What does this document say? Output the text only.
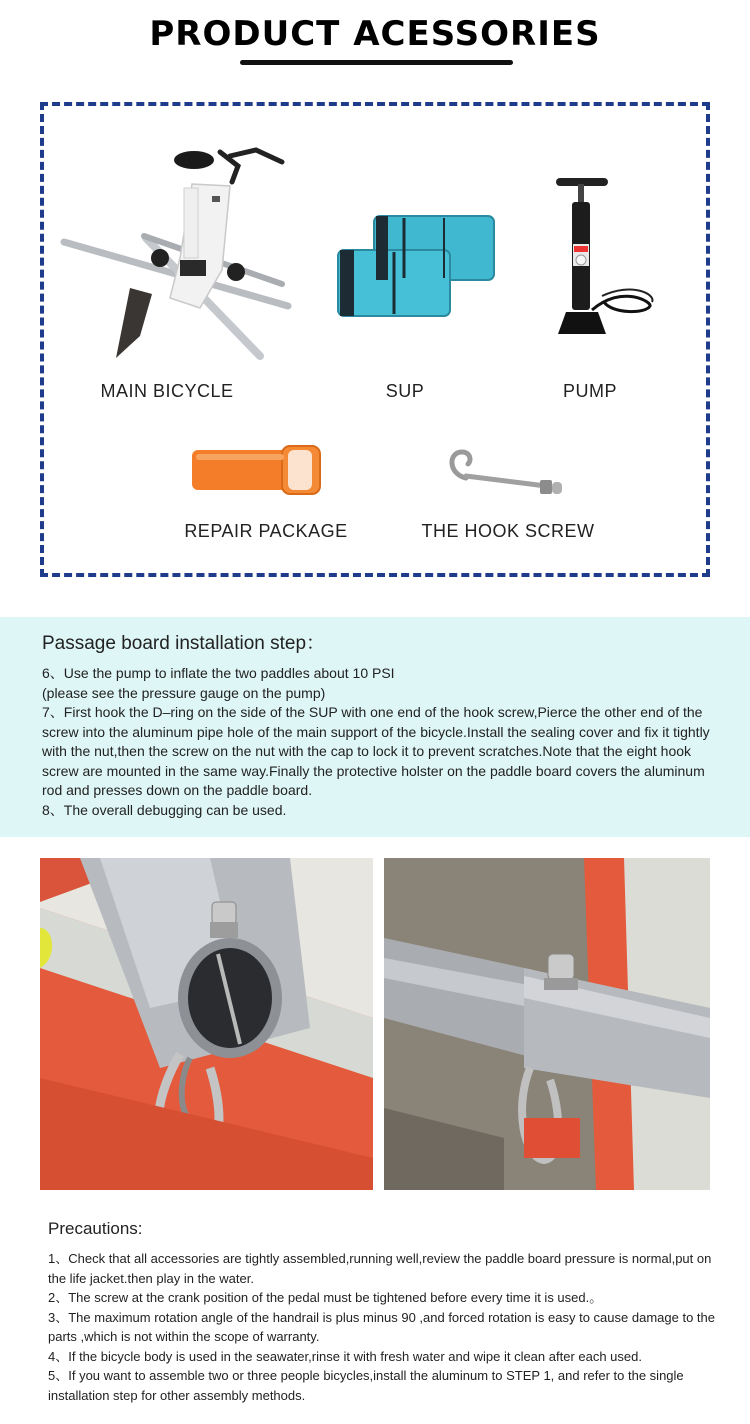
PRODUCT ACESSORIES
MAIN BICYCLE	SUP	PUMP
REPAIR PACKAGE	THE HOOK SCREW
Passage board installation step：

6、Use the pump to inflate the two paddles about 10 PSI

(please see the pressure gauge on the pump)

7、First hook the D–ring on the side of the SUP with one end of the hook screw,Pierce the other end of the screw into the aluminum pipe hole of the main support of the bicycle.Install the sealing cover and fix it tightly with the nut,then the screw on the nut with the cap to lock it to prevent scratches.Note that the eight hook screw are mounted in the same way.Finally the protective holster on the paddle board covers the aluminum rod and presses down on the paddle board.

8、The overall debugging can be used.

Precautions:

1、Check that all accessories are tightly assembled,running well,review the paddle board pressure is normal,put on the life jacket.then play in the water.

2、The screw at the crank position of the pedal must be tightened before every time it is used.。

3、The maximum rotation angle of the handrail is plus minus 90 ,and forced rotation is easy to cause damage to the parts ,which is not within the scope of warranty.

4、If the bicycle body is used in the seawater,rinse it with fresh water and wipe it clean after each used.

5、If you want to assemble two or three people bicycles,install the aluminum to STEP 1, and refer to the single installation step for other assembly methods.
